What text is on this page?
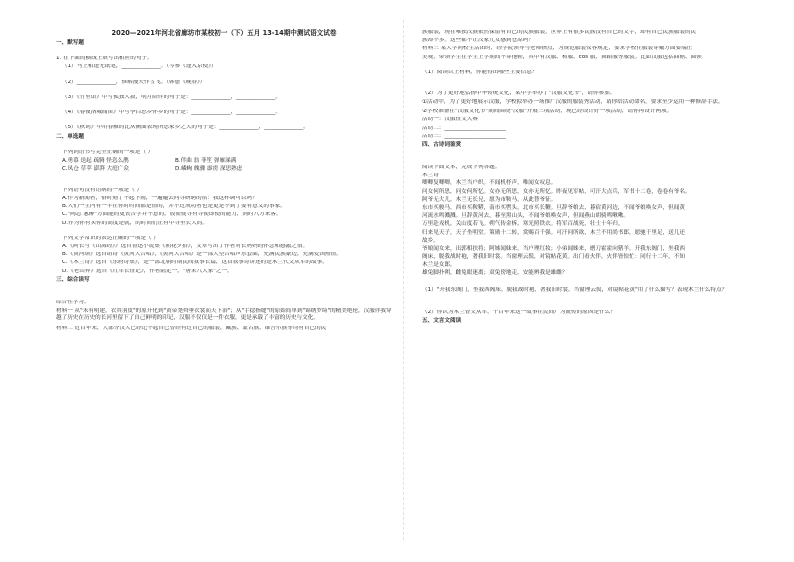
2020—2021年河北省廊坊市某校初一（下）五月 13-14期中测试语文试卷
一、默写题
1. 在下面的横线上填写出相应的句子。
（1）马上相逢无纸笔，______________。（岑参《逢入京使》）
（2）______________，惟解漫天作雪飞。（韩愈《晚春》）
（3）《竹里馆》中写孤独人寂，明月陪伴的句子是：______________，______________。
（4）《春夜洛城闻笛》中写李白思乡怀乡的句子是：______________，______________。
（5）《秋词》中用春雁的比从侧面表现所思家乡之大的句子是：______________，______________。
二、单选题
下列词语书写完全正确的一项是（ ）
A.勇慕 迭起 疏腾 怪恣么鹊	B.伴曲 翁 菲笙 弹雁涕满
C.凤仓 草苹 澎湃 大庭广众	D.嶙峋 魄骤 霹雳 深思熟虑
下列语句没有语病的一项是（ ）
A.作为新闻者，俗时刻了不起下雨，一遍遍去问寻研聘的宿：我这样调可以吗？
B.人们一生内有一半在你时时间都是情的，并不过成功者也是更是不到了要有意义的事家。
C."陶志 葱醉"方面能的更丧吉学并不意的，殷而使寻有寻使即使的能力，到时八方来客。
D.作为你有头你的高度是就，的时间们正有中寻里长大的。
下列文学常识的表达正确的一项是（ ）
A.《阿长与《山海经》》选自鲁迅小说集《朝花夕拾》，文章写出了作者对长妈妈的怀念和感激之情。
B.《黄河颂》选自组诗《黄河大合唱》，《黄河大合唱》是一部大型合唱声乐套曲，充满民族豪迈，充满爱国热情。
C.《木兰诗》选自《乐府诗集》，是一部北朝时期民间叙事长篇，这首叙事诗讲述的是木兰代父从军的故事。
D.《老山界》选自《红军长征记》，作者陆定一，"唐宋八大家"之一。
三、综合读写
综合性学习。
材料一 从"未有明建，衣其羽皮"的原开化到"黄帝尧舜垂衣裳而天下治"；从"手捻指缝"的原始简单到"锦绣罗绮"的精美绝伦，汉服伴我穿越了历史在历史的长河里留下了自己鲜明的印记，汉服不仅仅是一件衣服，更是承载了丰富的历史与文化。
材料二 近百年来，大部分汉人已经记不起自己曾经有过自己的服装，藏族、蒙古族、维吾尔族等均有自己的民
族服装，现在唯独汉族依然保留有自己的民族服装。世界上有很多民族没有自己的文字，却有自己民族服装的民
族却不多。这些都不让汉家儿女感到苍凉吗？
材料三 某大学同校生活团时，经学院领导与老师指点，为规范服装仪容规定，要求学校在服装穿戴方面要端庄
美观，带领学生在学生上学期间不穿拖鞋，其中有汉服、和服、cos 服，舞蹈服等服装。比如汉服包括曲裾、圆领
（1）阅读以上材料，你能得出哪些主要信息？
（2）为了更好地弘扬中华传统文化，某中学举办了"汉服文化节"，请你参加。
①活动中，为了更好地展示汉服，学校拟举办一场推广汉服的服装秀活动，请你给活动命名，要求至少运用一种修辞手法。
②学校准备在"汉服文化节"期间围绕"汉服"开展三项活动，现已经设计好一项活动，请你再设计两项。
活动一：汉服征文大赛
活动二：______________________
活动三：______________________
四、古诗词鉴赏
阅读下面文本，完成下列各题。
木兰诗
唧唧复唧唧，木兰当户织。不闻机杼声，唯闻女叹息。
问女何所思，问女何所忆。女亦无所思，女亦无所忆。昨夜见军帖，可汗大点兵，军书十二卷，卷卷有爷名。
阿爷无大儿，木兰无长兄，愿为市鞍马，从此替爷征。
东市买骏马，西市买鞍鞯，南市买辔头，北市买长鞭。旦辞爷娘去，暮宿黄河边，不闻爷娘唤女声，但闻黄
河流水鸣溅溅。旦辞黄河去，暮至黑山头，不闻爷娘唤女声，但闻燕山胡骑鸣啾啾。
万里赴戎机，关山度若飞。朔气传金柝，寒光照铁衣。将军百战死，壮士十年归。
归来见天子，天子坐明堂。策勋十二转，赏赐百千强。可汗问所欲，木兰不用尚书郎，愿驰千里足，送儿还
故乡。
爷娘闻女来，出郭相扶将；阿姊闻妹来，当户理红妆；小弟闻姊来，磨刀霍霍向猪羊。开我东阁门，坐我西
阁床，脱我战时袍，著我旧时裳。当窗理云鬓，对镜帖花黄。出门看火伴，火伴皆惊忙：同行十二年，不知
木兰是女郎。
雄兔脚扑朔，雌兔眼迷离；双兔傍地走，安能辨我是雄雌？
（1）"开我东阁门，坐我西阁床。脱我战时袍，著我旧时裳。当窗理云鬓，对镜帖花黄"用了什么描写？表现木兰什么特点？
（2）你认为木兰替父从军，千百年来这一故事在民间广为流传的原因是什么？
五、文言文阅读
